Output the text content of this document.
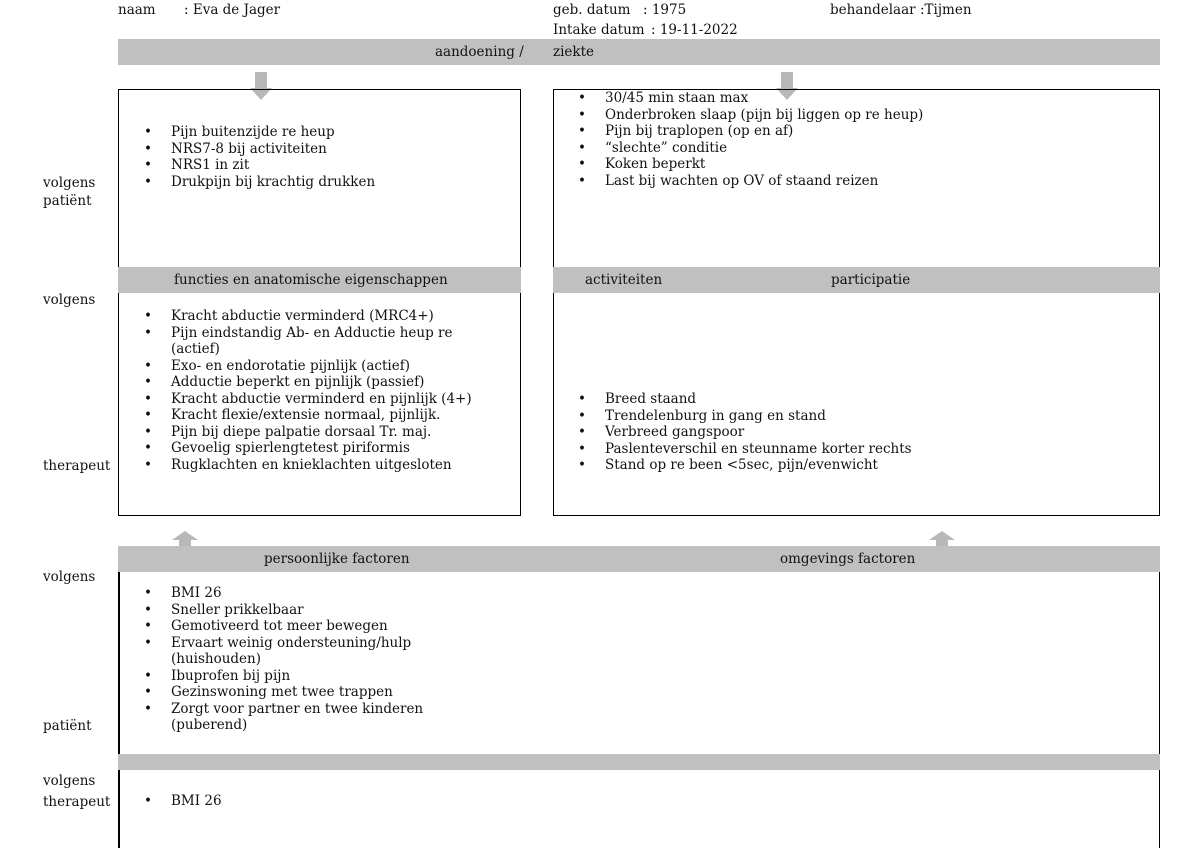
naam : Eva de Jager	geb. datum : 1975
Intake datum : 19-11-2022
behandelaar :Tijmen
aandoening / ziekte
• Pijn buitenzijde re heup
• NRS7-8 bij activiteiten
• NRS1 in zit
• Drukpijn bij krachtig drukken
• 30/45 min staan max
• Onderbroken slaap (pijn bij liggen op re heup)
• Pijn bij traplopen (op en af)
• “slechte” conditie
• Koken beperkt
• Last bij wachten op OV of staand reizen
functies en anatomische eigenschappen	activiteiten	participatie
• Kracht abductie verminderd (MRC4+)
• Pijn eindstandig Ab- en Adductie heup re
(actief)
• Exo- en endorotatie pijnlijk (actief)
• Adductie beperkt en pijnlijk (passief)
• Kracht abductie verminderd en pijnlijk (4+)
• Kracht flexie/extensie normaal, pijnlijk.
• Pijn bij diepe palpatie dorsaal Tr. maj.
• Gevoelig spierlengtetest piriformis
• Rugklachten en knieklachten uitgesloten
• Breed staand
• Trendelenburg in gang en stand
• Verbreed gangspoor
• Paslenteverschil en steunname korter rechts
• Stand op re been <5sec, pijn/evenwicht
persoonlijke factoren	omgevings factoren
• BMI 26
• Sneller prikkelbaar
• Gemotiveerd tot meer bewegen
• Ervaart weinig ondersteuning/hulp
(huishouden)
• Ibuprofen bij pijn
• Gezinswoning met twee trappen
• Zorgt voor partner en twee kinderen
(puberend)
• BMI 26
volgens
patiënt
volgens
therapeut
volgens
patiënt
volgens
therapeut
